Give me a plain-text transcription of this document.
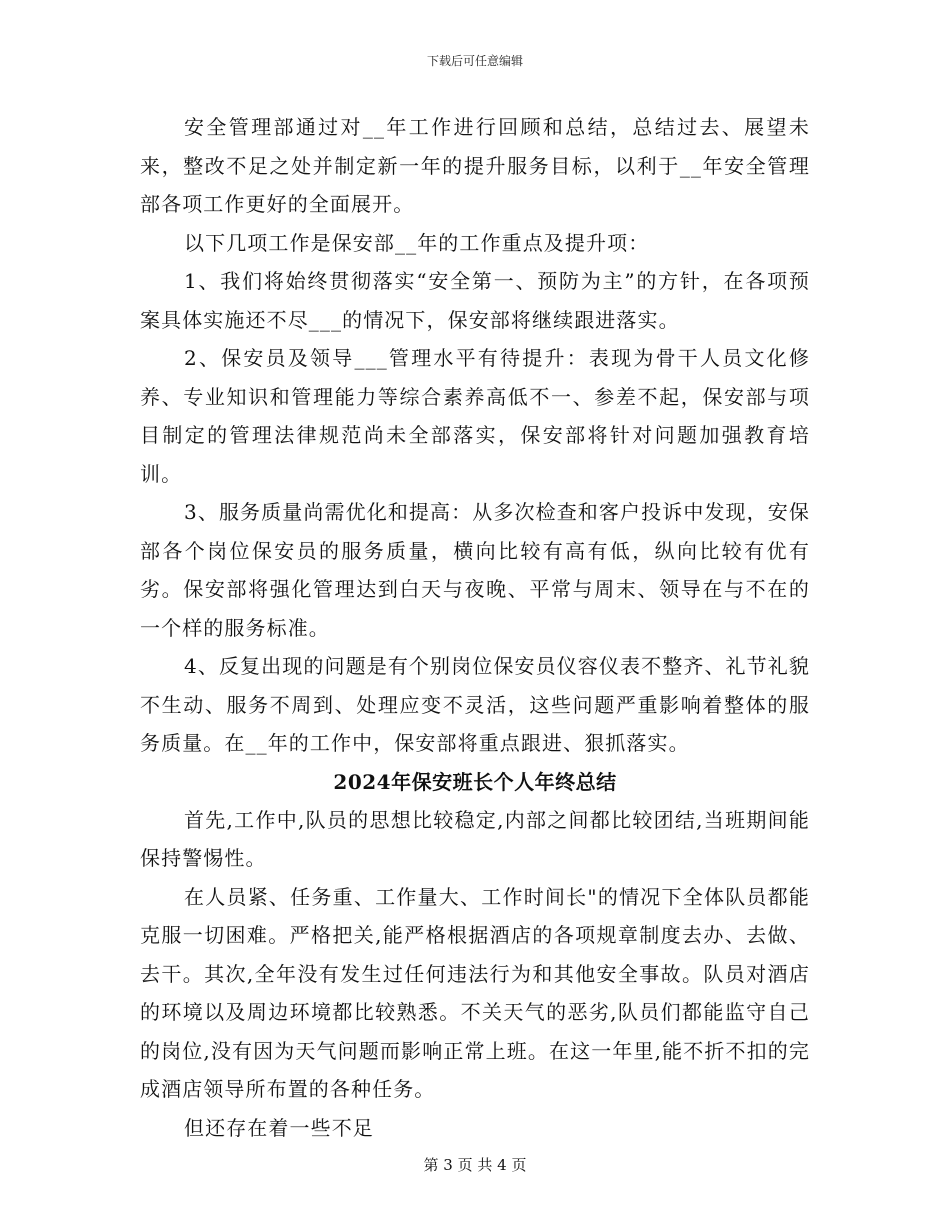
下载后可任意编辑

安全管理部通过对__年工作进行回顾和总结，总结过去、展望未来，整改不足之处并制定新一年的提升服务目标，以利于__年安全管理部各项工作更好的全面展开。

以下几项工作是保安部__年的工作重点及提升项：

1、我们将始终贯彻落实“安全第一、预防为主”的方针，在各项预案具体实施还不尽___的情况下，保安部将继续跟进落实。

2、保安员及领导___管理水平有待提升：表现为骨干人员文化修养、专业知识和管理能力等综合素养高低不一、参差不起，保安部与项目制定的管理法律规范尚未全部落实，保安部将针对问题加强教育培训。

3、服务质量尚需优化和提高：从多次检查和客户投诉中发现，安保部各个岗位保安员的服务质量，横向比较有高有低，纵向比较有优有劣。保安部将强化管理达到白天与夜晚、平常与周末、领导在与不在的一个样的服务标准。

4、反复出现的问题是有个别岗位保安员仪容仪表不整齐、礼节礼貌不生动、服务不周到、处理应变不灵活，这些问题严重影响着整体的服务质量。在__年的工作中，保安部将重点跟进、狠抓落实。

2024年保安班长个人年终总结

首先,工作中,队员的思想比较稳定,内部之间都比较团结,当班期间能保持警惕性。

在人员紧、任务重、工作量大、工作时间长"的情况下全体队员都能克服一切困难。严格把关,能严格根据酒店的各项规章制度去办、去做、去干。其次,全年没有发生过任何违法行为和其他安全事故。队员对酒店的环境以及周边环境都比较熟悉。不关天气的恶劣,队员们都能监守自己的岗位,没有因为天气问题而影响正常上班。在这一年里,能不折不扣的完成酒店领导所布置的各种任务。

但还存在着一些不足

第 3 页 共 4 页
